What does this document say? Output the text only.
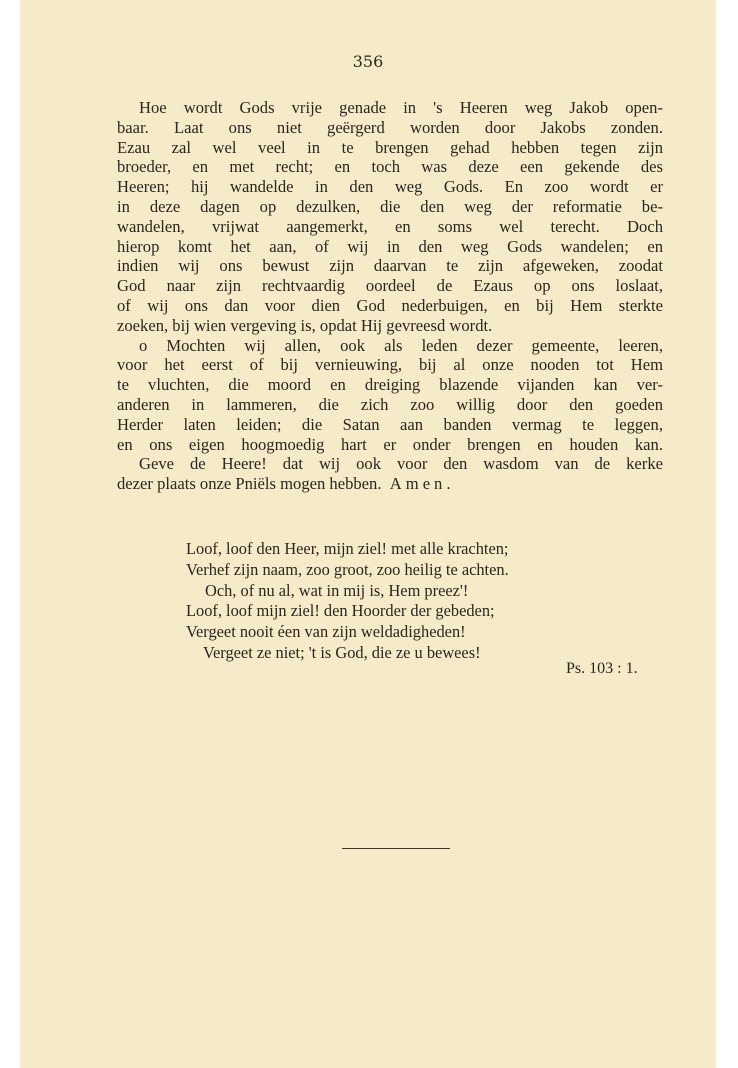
356
Hoe wordt Gods vrije genade in 's Heeren weg Jakob open-
baar. Laat ons niet geërgerd worden door Jakobs zonden.
Ezau zal wel veel in te brengen gehad hebben tegen zijn
broeder, en met recht; en toch was deze een gekende des
Heeren; hij wandelde in den weg Gods. En zoo wordt er
in deze dagen op dezulken, die den weg der reformatie be-
wandelen, vrijwat aangemerkt, en soms wel terecht. Doch
hierop komt het aan, of wij in den weg Gods wandelen; en
indien wij ons bewust zijn daarvan te zijn afgeweken, zoodat
God naar zijn rechtvaardig oordeel de Ezaus op ons loslaat,
of wij ons dan voor dien God nederbuigen, en bij Hem sterkte
zoeken, bij wien vergeving is, opdat Hij gevreesd wordt.
o Mochten wij allen, ook als leden dezer gemeente, leeren,
voor het eerst of bij vernieuwing, bij al onze nooden tot Hem
te vluchten, die moord en dreiging blazende vijanden kan ver-
anderen in lammeren, die zich zoo willig door den goeden
Herder laten leiden; die Satan aan banden vermag te leggen,
en ons eigen hoogmoedig hart er onder brengen en houden kan.
Geve de Heere! dat wij ook voor den wasdom van de kerke
dezer plaats onze Pniëls mogen hebben. Amen.
Loof, loof den Heer, mijn ziel! met alle krachten;
Verhef zijn naam, zoo groot, zoo heilig te achten.
Och, of nu al, wat in mij is, Hem preez'!
Loof, loof mijn ziel! den Hoorder der gebeden;
Vergeet nooit éen van zijn weldadigheden!
Vergeet ze niet; 't is God, die ze u bewees!
Ps. 103 : 1.
